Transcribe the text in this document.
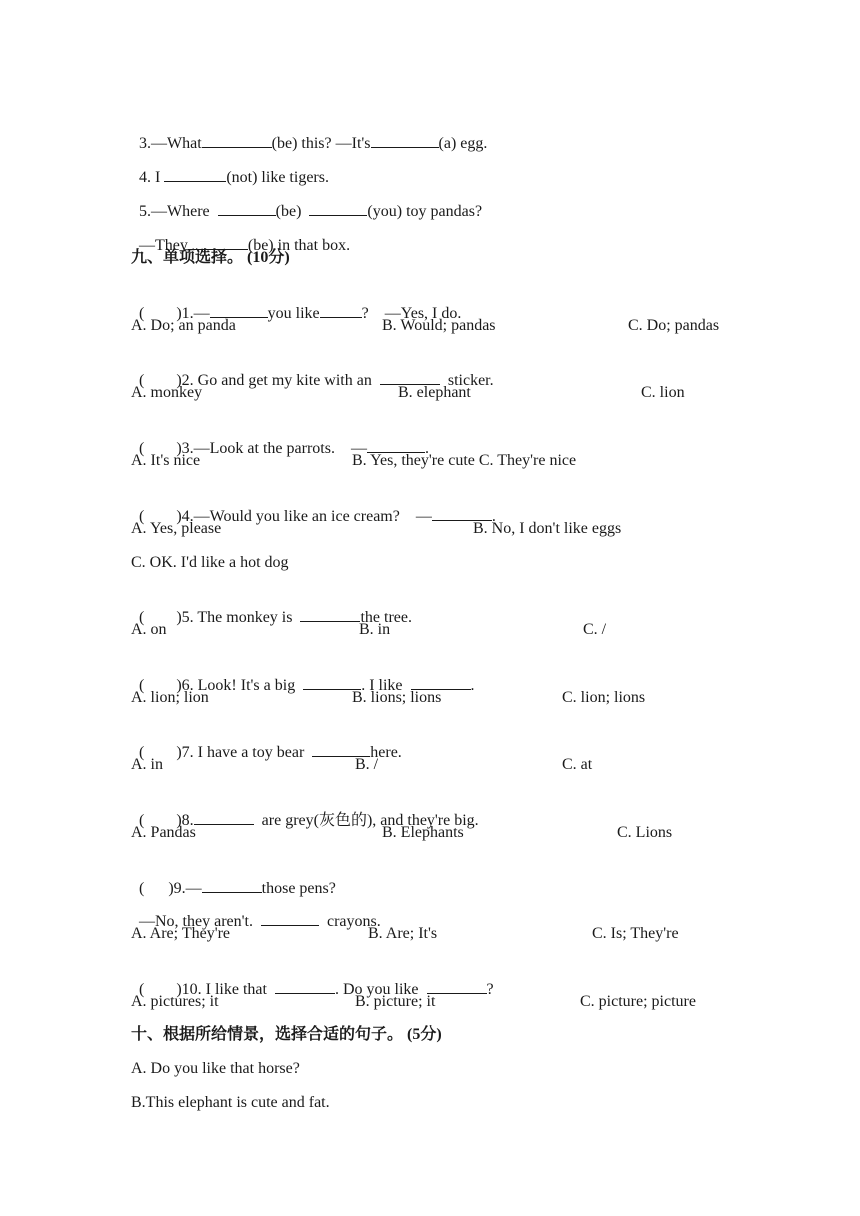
3.—What	(be) this? —It's	(a) egg.

4. I	(not) like tigers.

5.—Where	(be)	(you) toy pandas?

—They	(be) in that box.

九、单项选择。 (10分)

(        )1.—	you like	?    —Yes, I do.

A. Do; an panda	B. Would; pandas	C. Do; pandas

(        )2. Go and get my kite with an	sticker.

A. monkey	B. elephant	C. lion

(        )3.—Look at the parrots.    —	.

A. It's nice	B. Yes, they're cute C. They're nice

(        )4.—Would you like an ice cream?    —	.

A. Yes, please	B. No, I don't like eggs
C. OK. I'd like a hot dog

(        )5. The monkey is	the tree.

A. on	B. in	C. /

(        )6. Look! It's a big	. I like	.

A. lion; lion	B. lions; lions	C. lion; lions

(        )7. I have a toy bear	here.

A. in	B. /	C. at

(        )8.	are grey(灰色的), and they're big.

A. Pandas	B. Elephants	C. Lions

(      )9.—	those pens?

—No, they aren't.	crayons.

A. Are; They're	B. Are; It's	C. Is; They're

(        )10. I like that	. Do you like	?

A. pictures; it	B. picture; it	C. picture; picture
十、根据所给情景，选择合适的句子。 (5分)
A. Do you like that horse?
B.This elephant is cute and fat.
